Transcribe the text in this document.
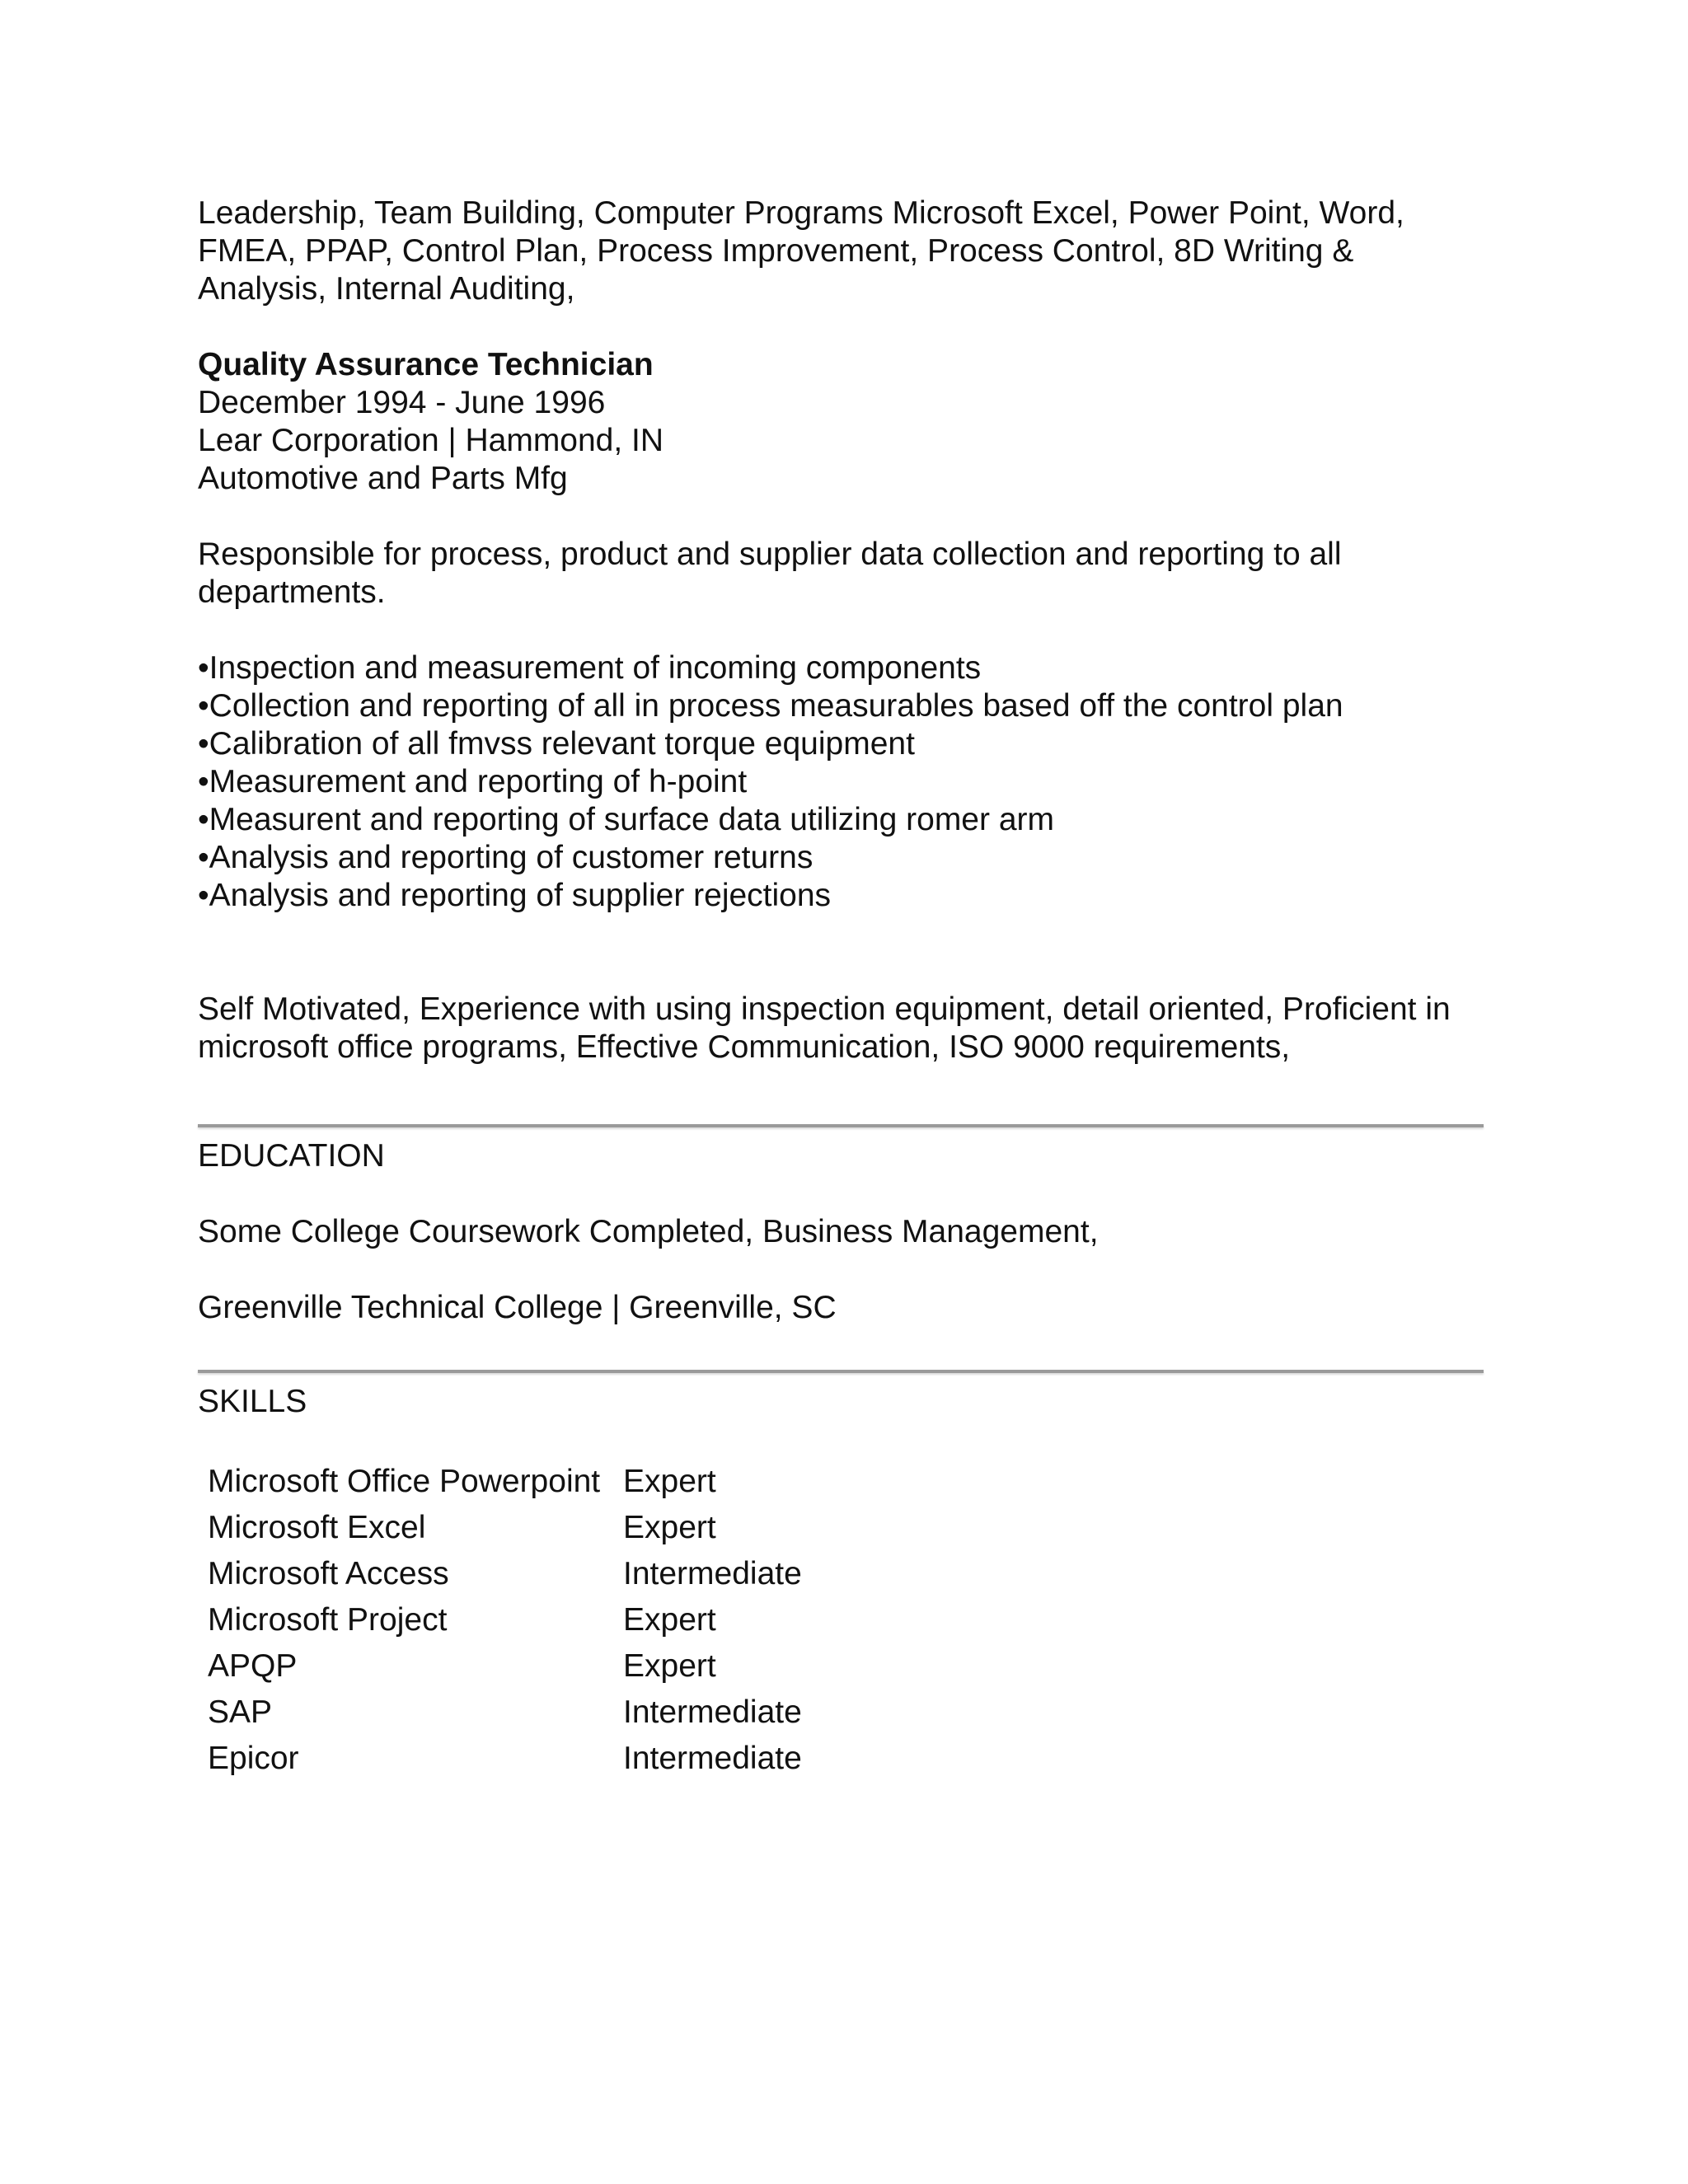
Leadership, Team Building, Computer Programs Microsoft Excel, Power Point, Word, FMEA, PPAP, Control Plan, Process Improvement, Process Control, 8D Writing & Analysis, Internal Auditing,

Quality Assurance Technician

December 1994 - June 1996

Lear Corporation | Hammond, IN

Automotive and Parts Mfg

Responsible for process, product and supplier data collection and reporting to all departments.

•Inspection and measurement of incoming components
•Collection and reporting of all in process measurables based off the control plan
•Calibration of all fmvss relevant torque equipment
•Measurement and reporting of h-point
•Measurent and reporting of surface data utilizing romer arm
•Analysis and reporting of customer returns
•Analysis and reporting of supplier rejections

Self Motivated, Experience with using inspection equipment, detail oriented, Proficient in microsoft office programs, Effective Communication, ISO 9000 requirements,

EDUCATION

Some College Coursework Completed, Business Management,

Greenville Technical College | Greenville, SC

SKILLS

Microsoft Office Powerpoint	Expert
Microsoft Excel	Expert
Microsoft Access	Intermediate
Microsoft Project	Expert
APQP	Expert
SAP	Intermediate
Epicor	Intermediate
